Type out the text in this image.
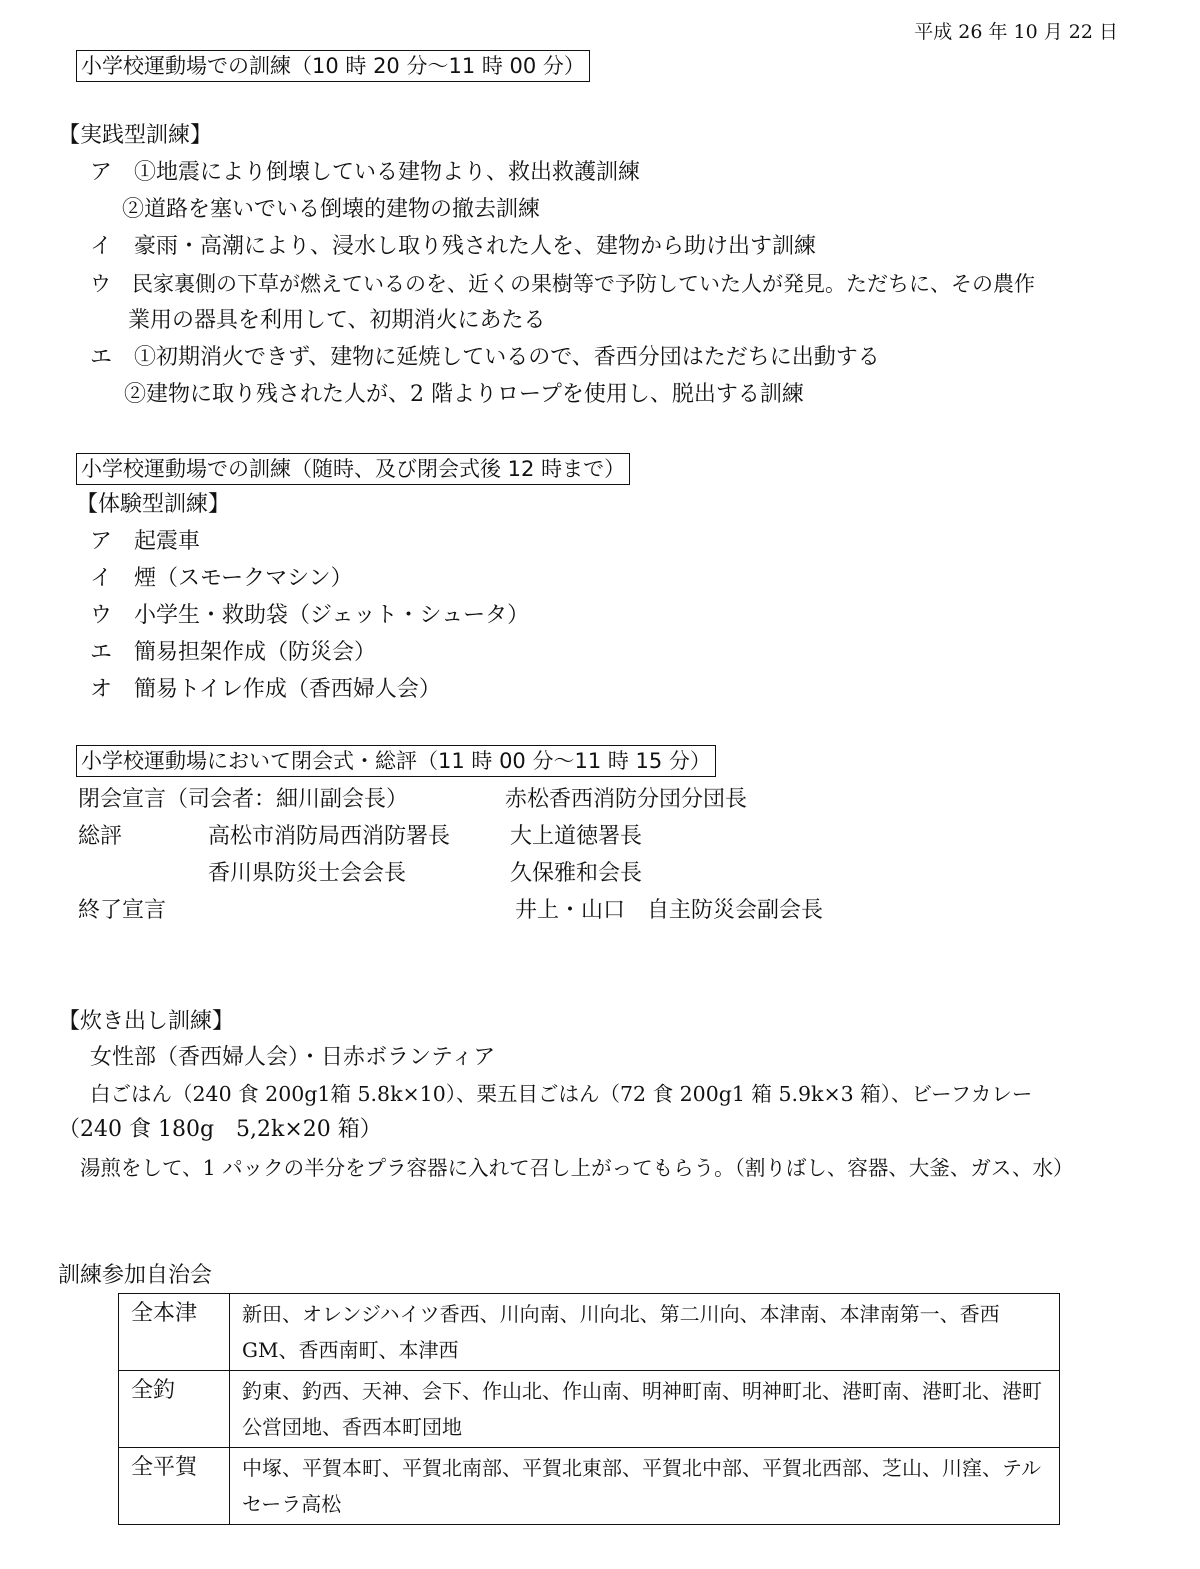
平成 26 年 10 月 22 日
小学校運動場での訓練（10 時 20 分～11 時 00 分）
【実践型訓練】
ア　①地震により倒壊している建物より、救出救護訓練
②道路を塞いでいる倒壊的建物の撤去訓練
イ　豪雨・高潮により、浸水し取り残された人を、建物から助け出す訓練
ウ　民家裏側の下草が燃えているのを、近くの果樹等で予防していた人が発見。ただちに、その農作
業用の器具を利用して、初期消火にあたる
エ　①初期消火できず、建物に延焼しているので、香西分団はただちに出動する
②建物に取り残された人が、2 階よりロープを使用し、脱出する訓練
小学校運動場での訓練（随時、及び閉会式後 12 時まで）
【体験型訓練】
ア　起震車
イ　煙（スモークマシン）
ウ　小学生・救助袋（ジェット・シュータ）
エ　簡易担架作成（防災会）
オ　簡易トイレ作成（香西婦人会）
小学校運動場において閉会式・総評（11 時 00 分～11 時 15 分）
閉会宣言（司会者：細川副会長）	赤松香西消防分団分団長
総評	高松市消防局西消防署長	大上道徳署長
香川県防災士会会長	久保雅和会長
終了宣言	井上・山口　自主防災会副会長
【炊き出し訓練】
女性部（香西婦人会）・日赤ボランティア
白ごはん（240 食 200g1箱 5.8k×10）、栗五目ごはん（72 食 200g1 箱 5.9k×3 箱）、ビーフカレー
（240 食 180g　5,2k×20 箱）
湯煎をして、1 パックの半分をプラ容器に入れて召し上がってもらう。（割りばし、容器、大釜、ガス、水）
訓練参加自治会
全本津	新田、オレンジハイツ香西、川向南、川向北、第二川向、本津南、本津南第一、香西 GM、香西南町、本津西
全釣	釣東、釣西、天神、会下、作山北、作山南、明神町南、明神町北、港町南、港町北、港町公営団地、香西本町団地
全平賀	中塚、平賀本町、平賀北南部、平賀北東部、平賀北中部、平賀北西部、芝山、川窪、テルセーラ高松
